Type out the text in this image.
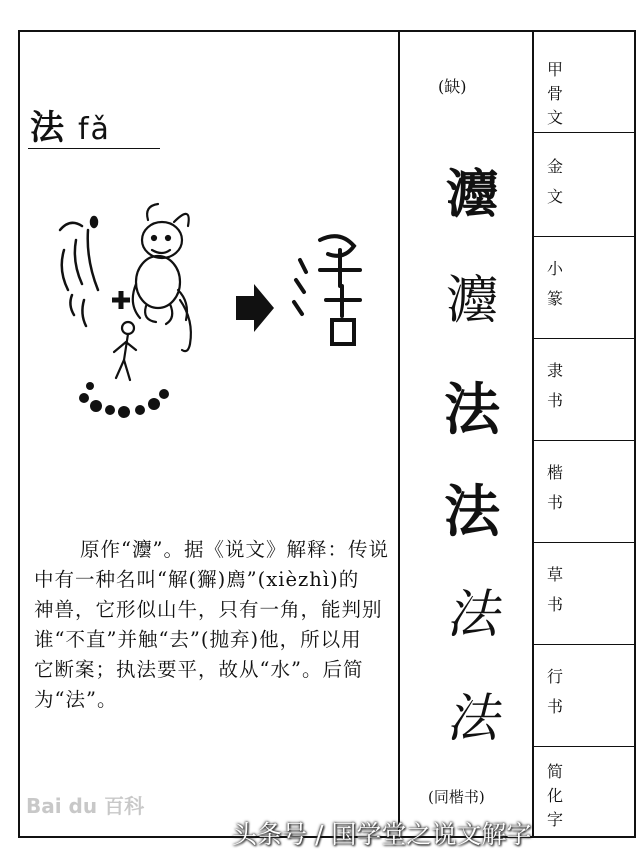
法 fǎ

原作“灋”。据《说文》解释：传说

中有一种名叫“解(獬)廌”(xièzhì)的

神兽，它形似山牛，只有一角，能判别

谁“不直”并触“去”(抛弃)他，所以用

它断案；执法要平，故从“水”。后简

为“法”。

(缺)
灋
灋
法
法
法
法
(同楷书)
甲
骨
文
金
文
小
篆
隶
书
楷
书
草
书
行
书
简
化
字
Bai du 百科
头条号 / 国学堂之说文解字
